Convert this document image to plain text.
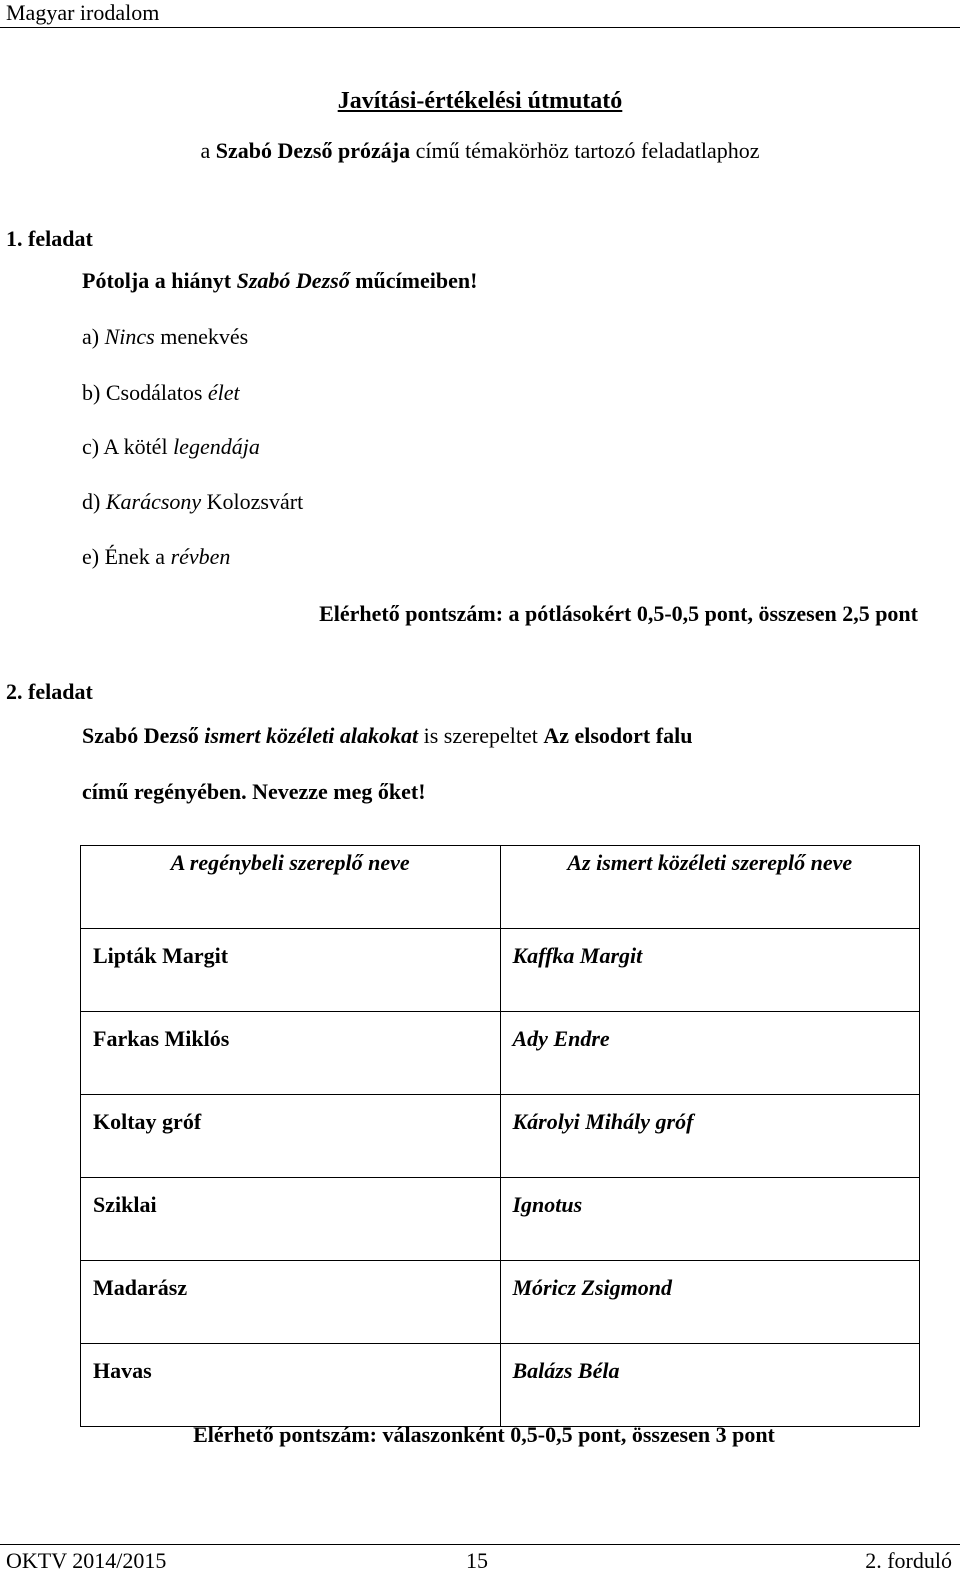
Magyar irodalom
Javítási-értékelési útmutató
a Szabó Dezső prózája című témakörhöz tartozó feladatlaphoz
1. feladat
Pótolja a hiányt Szabó Dezső műcímeiben!
a) Nincs menekvés
b) Csodálatos élet
c) A kötél legendája
d) Karácsony Kolozsvárt
e) Ének a révben
Elérhető pontszám: a pótlásokért 0,5-0,5 pont, összesen 2,5 pont
2. feladat
Szabó Dezső ismert közéleti alakokat is szerepeltet Az elsodort falu
című regényében. Nevezze meg őket!
A regénybeli szereplő neve	Az ismert közéleti szereplő neve
Lipták Margit	Kaffka Margit
Farkas Miklós	Ady Endre
Koltay gróf	Károlyi Mihály gróf
Sziklai	Ignotus
Madarász	Móricz Zsigmond
Havas	Balázs Béla
Elérhető pontszám: válaszonként 0,5-0,5 pont, összesen 3 pont
OKTV 2014/2015	15	2. forduló
